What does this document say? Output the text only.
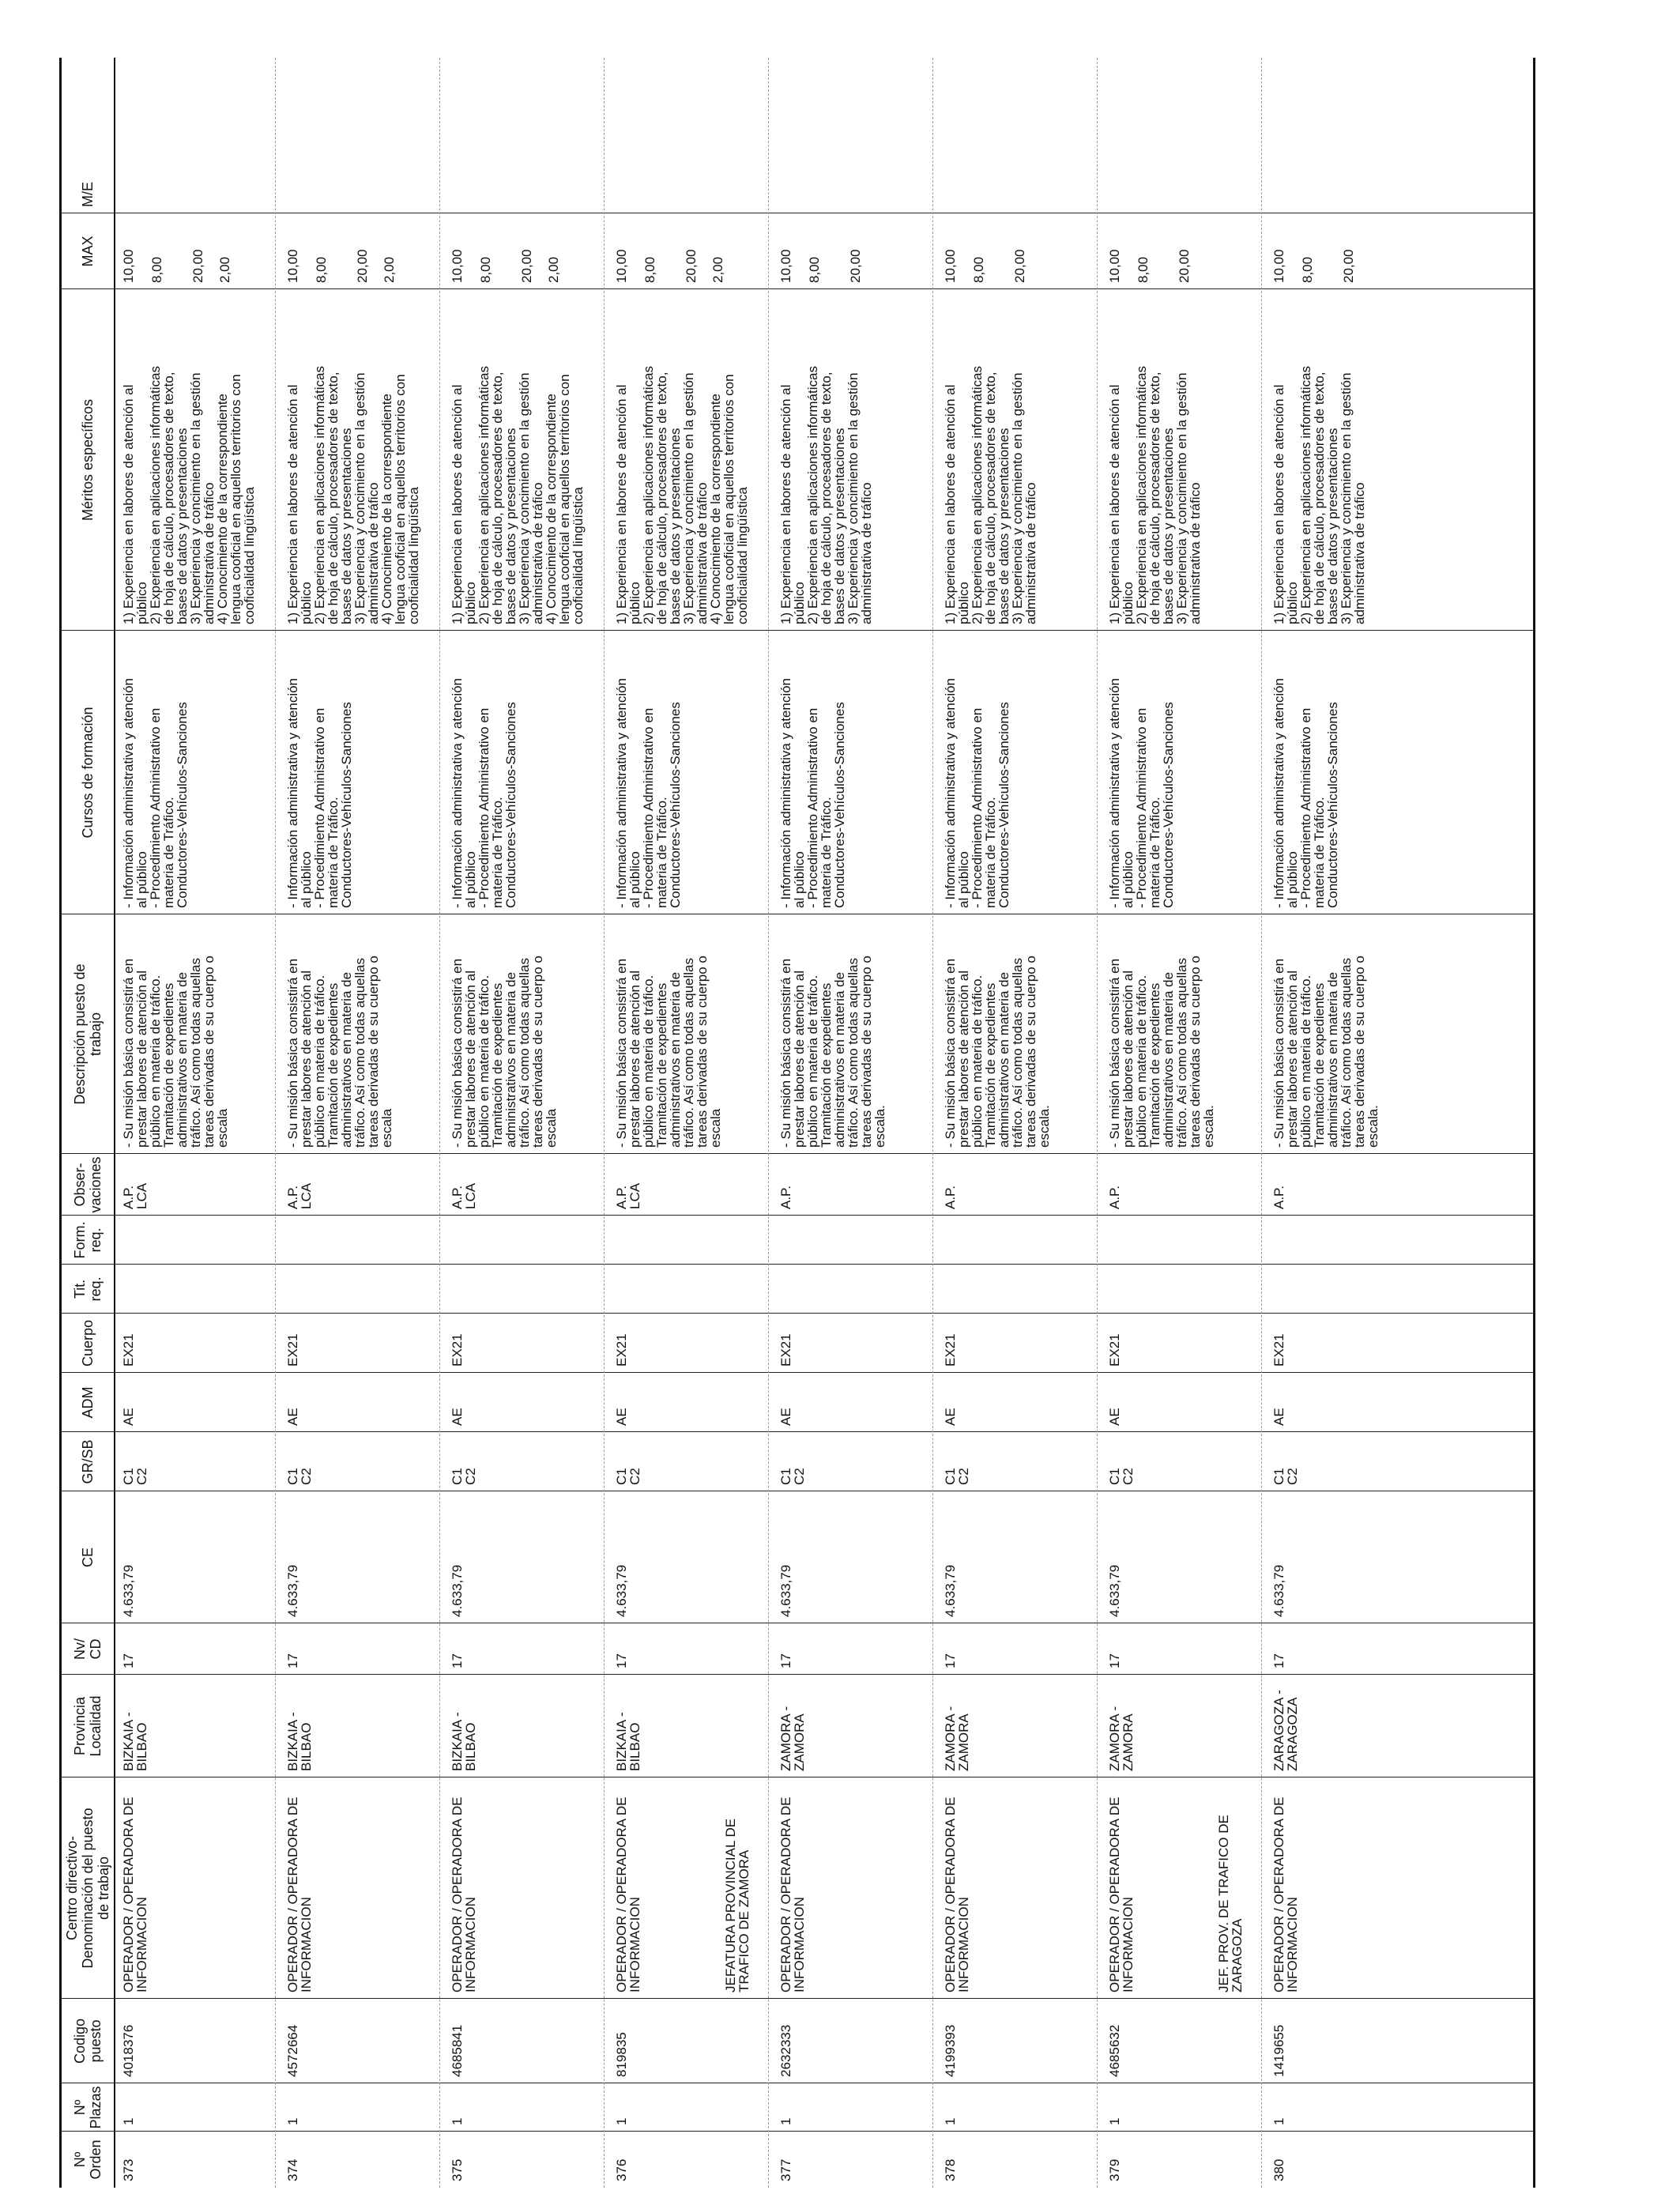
Nº
Orden
Nº
Plazas
Codigo
puesto
Centro directivo-
Denominación del puesto
de trabajo
Provincia
Localidad
Nv/
CD
CE
GR/SB
ADM
Cuerpo
Tit.
req.
Form.
req.
Obser-
vaciones
Descripción puesto de
trabajo
Cursos de formación
Méritos específicos
MAX
M/E
373
1
4018376
OPERADOR / OPERADORA DE
INFORMACION
BIZKAIA -
BILBAO
17
4.633,79
C1
C2
AE
EX21
A.P.
LCA
- Su misión básica consistirá en
prestar labores de atención al
público en materia de tráfico.
Tramitación de expedientes
administrativos en materia de
tráfico. Así como todas aquellas
tareas derivadas de su cuerpo o
escala
- Información administrativa y atención
al público
- Procedimiento Administrativo en
materia de Tráfico.
Conductores-Vehículos-Sanciones
1) Experiencia en labores de atención al
público
2) Experiencia en aplicaciones informáticas
de hoja de cálculo, procesadores de texto,
bases de datos y presentaciones
3) Experiencia y concimiento en la gestión
administrativa de tráfico
4) Conocimiento de la correspondiente
lengua cooficial en aquellos territorios con
cooficialidad lingüística
10,00 8,00 20,00 2,00
374
1
4572664
OPERADOR / OPERADORA DE
INFORMACION
BIZKAIA -
BILBAO
17
4.633,79
C1
C2
AE
EX21
A.P.
LCA
- Su misión básica consistirá en
prestar labores de atención al
público en materia de tráfico.
Tramitación de expedientes
administrativos en materia de
tráfico. Así como todas aquellas
tareas derivadas de su cuerpo o
escala
- Información administrativa y atención
al público
- Procedimiento Administrativo en
materia de Tráfico.
Conductores-Vehículos-Sanciones
1) Experiencia en labores de atención al
público
2) Experiencia en aplicaciones informáticas
de hoja de cálculo, procesadores de texto,
bases de datos y presentaciones
3) Experiencia y concimiento en la gestión
administrativa de tráfico
4) Conocimiento de la correspondiente
lengua cooficial en aquellos territorios con
cooficialidad lingüística
10,00 8,00 20,00 2,00
375
1
4685841
OPERADOR / OPERADORA DE
INFORMACION
BIZKAIA -
BILBAO
17
4.633,79
C1
C2
AE
EX21
A.P.
LCA
- Su misión básica consistirá en
prestar labores de atención al
público en materia de tráfico.
Tramitación de expedientes
administrativos en materia de
tráfico. Así como todas aquellas
tareas derivadas de su cuerpo o
escala
- Información administrativa y atención
al público
- Procedimiento Administrativo en
materia de Tráfico.
Conductores-Vehículos-Sanciones
1) Experiencia en labores de atención al
público
2) Experiencia en aplicaciones informáticas
de hoja de cálculo, procesadores de texto,
bases de datos y presentaciones
3) Experiencia y concimiento en la gestión
administrativa de tráfico
4) Conocimiento de la correspondiente
lengua cooficial en aquellos territorios con
cooficialidad lingüística
10,00 8,00 20,00 2,00
376
1
819835
OPERADOR / OPERADORA DE
INFORMACION
BIZKAIA -
BILBAO
17
4.633,79
C1
C2
AE
EX21
A.P.
LCA
- Su misión básica consistirá en
prestar labores de atención al
público en materia de tráfico.
Tramitación de expedientes
administrativos en materia de
tráfico. Así como todas aquellas
tareas derivadas de su cuerpo o
escala
- Información administrativa y atención
al público
- Procedimiento Administrativo en
materia de Tráfico.
Conductores-Vehículos-Sanciones
1) Experiencia en labores de atención al
público
2) Experiencia en aplicaciones informáticas
de hoja de cálculo, procesadores de texto,
bases de datos y presentaciones
3) Experiencia y concimiento en la gestión
administrativa de tráfico
4) Conocimiento de la correspondiente
lengua cooficial en aquellos territorios con
cooficialidad lingüística
10,00 8,00 20,00 2,00
377
1
2632333
JEFATURA PROVINCIAL DE
TRAFICO DE ZAMORA
OPERADOR / OPERADORA DE
INFORMACION
ZAMORA -
ZAMORA
17
4.633,79
C1
C2
AE
EX21
A.P.
- Su misión básica consistirá en
prestar labores de atención al
público en materia de tráfico.
Tramitación de expedientes
administrativos en materia de
tráfico. Así como todas aquellas
tareas derivadas de su cuerpo o
escala.
- Información administrativa y atención
al público
- Procedimiento Administrativo en
materia de Tráfico.
Conductores-Vehículos-Sanciones
1) Experiencia en labores de atención al
público
2) Experiencia en aplicaciones informáticas
de hoja de cálculo, procesadores de texto,
bases de datos y presentaciones
3) Experiencia y concimiento en la gestión
administrativa de tráfico
10,00 8,00 20,00
378
1
4199393
OPERADOR / OPERADORA DE
INFORMACION
ZAMORA -
ZAMORA
17
4.633,79
C1
C2
AE
EX21
A.P.
- Su misión básica consistirá en
prestar labores de atención al
público en materia de tráfico.
Tramitación de expedientes
administrativos en materia de
tráfico. Así como todas aquellas
tareas derivadas de su cuerpo o
escala.
- Información administrativa y atención
al público
- Procedimiento Administrativo en
materia de Tráfico.
Conductores-Vehículos-Sanciones
1) Experiencia en labores de atención al
público
2) Experiencia en aplicaciones informáticas
de hoja de cálculo, procesadores de texto,
bases de datos y presentaciones
3) Experiencia y concimiento en la gestión
administrativa de tráfico
10,00 8,00 20,00
379
1
4685632
OPERADOR / OPERADORA DE
INFORMACION
ZAMORA -
ZAMORA
17
4.633,79
C1
C2
AE
EX21
A.P.
- Su misión básica consistirá en
prestar labores de atención al
público en materia de tráfico.
Tramitación de expedientes
administrativos en materia de
tráfico. Así como todas aquellas
tareas derivadas de su cuerpo o
escala.
- Información administrativa y atención
al público
- Procedimiento Administrativo en
materia de Tráfico.
Conductores-Vehículos-Sanciones
1) Experiencia en labores de atención al
público
2) Experiencia en aplicaciones informáticas
de hoja de cálculo, procesadores de texto,
bases de datos y presentaciones
3) Experiencia y concimiento en la gestión
administrativa de tráfico
10,00 8,00 20,00
380
1
1419655
JEF. PROV. DE TRAFICO DE
ZARAGOZA OPERADOR / OPERADORA DE
INFORMACION
ZARAGOZA -
ZARAGOZA
17
4.633,79
C1
C2
AE
EX21
A.P.
- Su misión básica consistirá en
prestar labores de atención al
público en materia de tráfico.
Tramitación de expedientes
administrativos en materia de
tráfico. Así como todas aquellas
tareas derivadas de su cuerpo o
escala.
- Información administrativa y atención
al público
- Procedimiento Administrativo en
materia de Tráfico.
Conductores-Vehículos-Sanciones
1) Experiencia en labores de atención al
público
2) Experiencia en aplicaciones informáticas
de hoja de cálculo, procesadores de texto,
bases de datos y presentaciones
3) Experiencia y concimiento en la gestión
administrativa de tráfico
10,00 8,00 20,00
